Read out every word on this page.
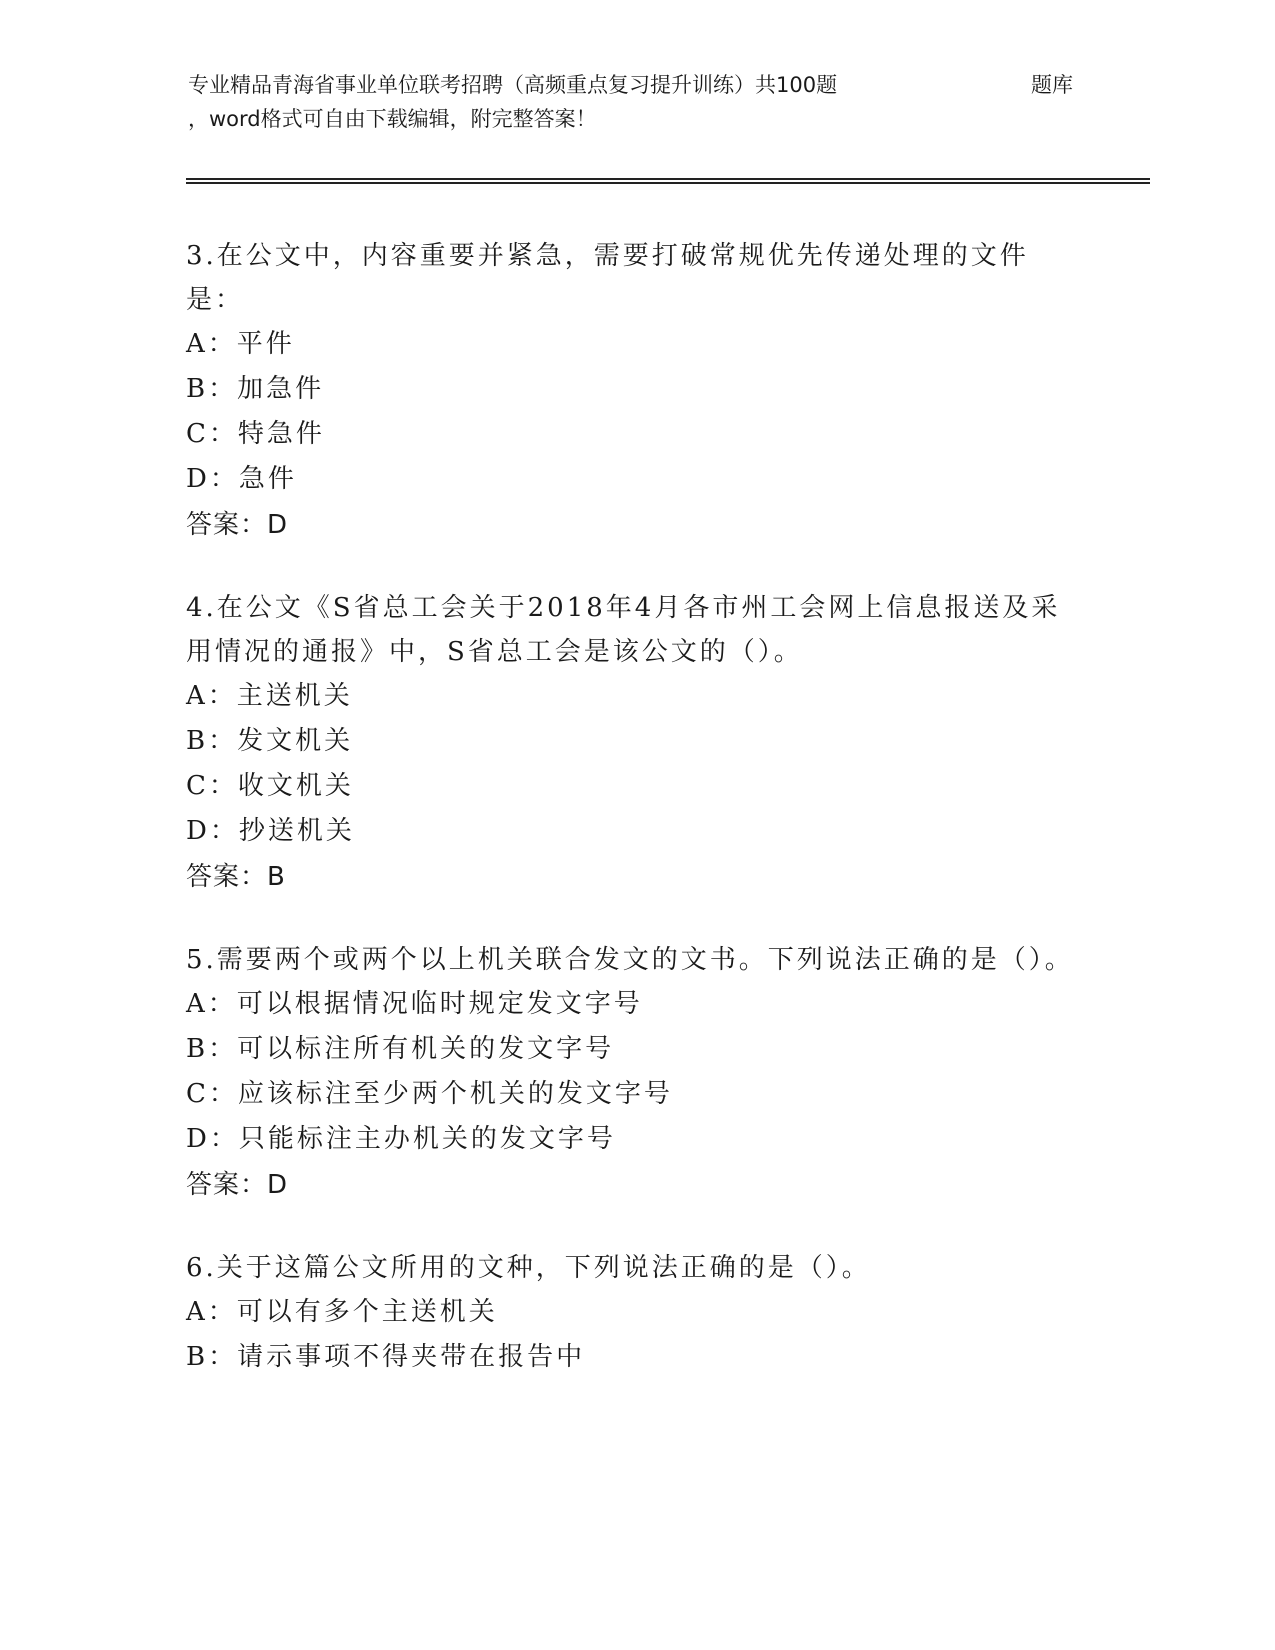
专业精品青海省事业单位联考招聘（高频重点复习提升训练）共100题	题库
，word格式可自由下载编辑，附完整答案！
3.在公文中，内容重要并紧急，需要打破常规优先传递处理的文件是：
A：平件
B：加急件
C：特急件
D：急件
答案：D
4.在公文《S省总工会关于2018年4月各市州工会网上信息报送及采用情况的通报》中，S省总工会是该公文的（）。
A：主送机关
B：发文机关
C：收文机关
D：抄送机关
答案：B
5.需要两个或两个以上机关联合发文的文书。下列说法正确的是（）。
A：可以根据情况临时规定发文字号
B：可以标注所有机关的发文字号
C：应该标注至少两个机关的发文字号
D：只能标注主办机关的发文字号
答案：D
6.关于这篇公文所用的文种，下列说法正确的是（）。
A：可以有多个主送机关
B：请示事项不得夹带在报告中
